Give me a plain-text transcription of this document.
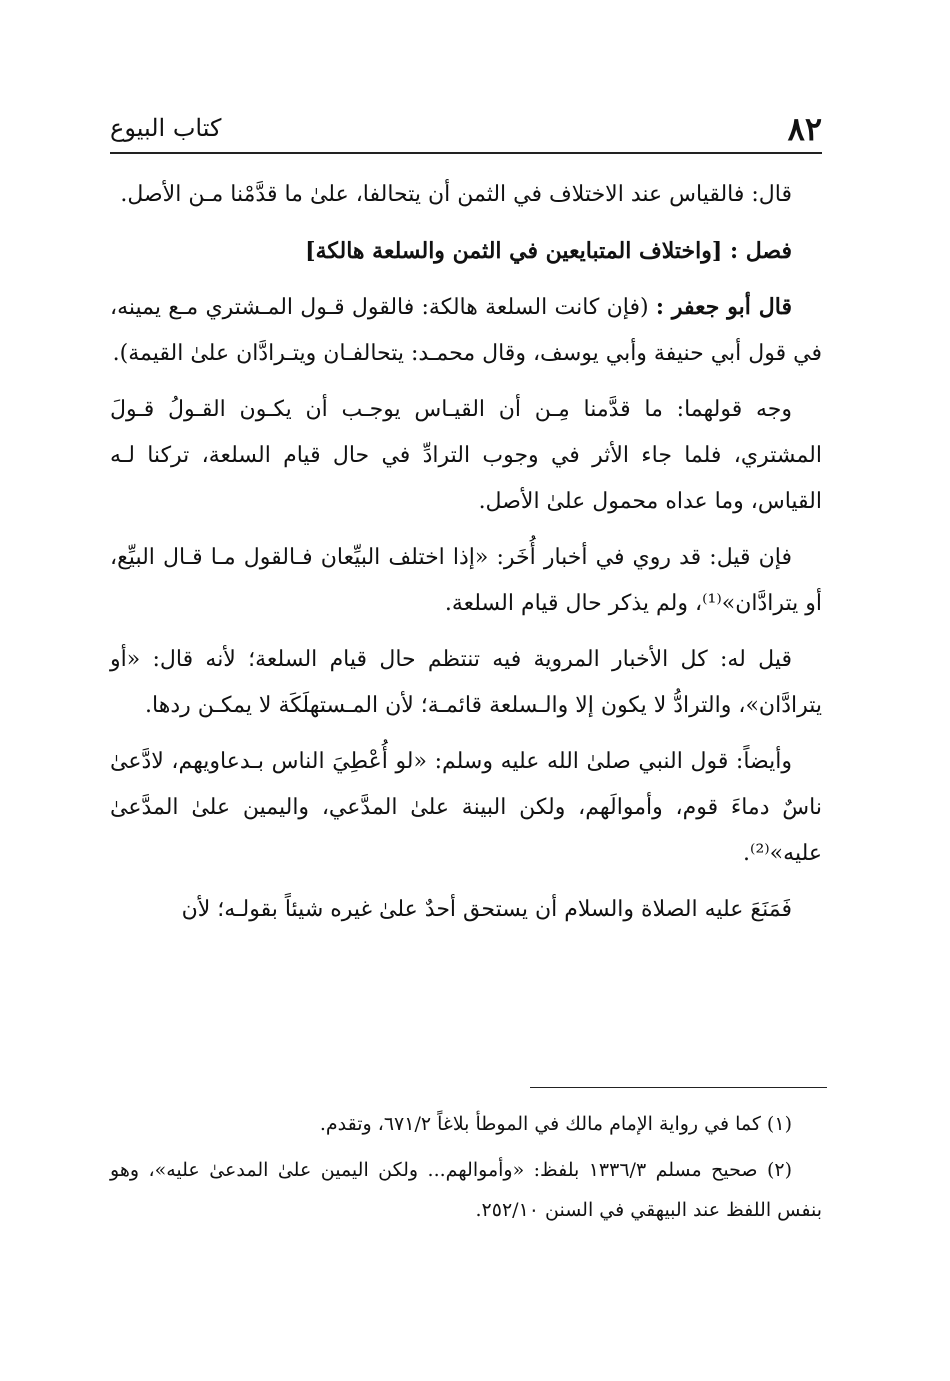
٨٢
كتاب البيوع

قال: فالقياس عند الاختلاف في الثمن أن يتحالفا، علىٰ ما قدَّمْنا مـن الأصل.

فصل : [واختلاف المتبايعين في الثمن والسلعة هالكة]

قال أبو جعفر : (فإن كانت السلعة هالكة: فالقول قـول المـشتري مـع يمينه، في قول أبي حنيفة وأبي يوسف، وقال محمـد: يتحالفـان ويتـرادَّان علىٰ القيمة).

وجه قولهما: ما قدَّمنا مِـن أن القيـاس يوجـب أن يكـون القـولُ قـولَ المشتري، فلما جاء الأثر في وجوب الترادِّ في حال قيام السلعة، تركنا لـه القياس، وما عداه محمول علىٰ الأصل.

فإن قيل: قد روي في أخبار أُخَر: «إذا اختلف البيِّعان فـالقول مـا قـال البيِّع، أو يترادَّان»⁽¹⁾، ولم يذكر حال قيام السلعة.

قيل له: كل الأخبار المروية فيه تنتظم حال قيام السلعة؛ لأنه قال: «أو يترادَّان»، والترادُّ لا يكون إلا والـسلعة قائمـة؛ لأن المـستهلَكَة لا يمكـن ردها.

وأيضاً: قول النبي صلىٰ الله عليه وسلم: «لو أُعْطِيَ الناس بـدعاويهم، لادَّعىٰ ناسٌ دماءَ قوم، وأموالَهم، ولكن البينة علىٰ المدَّعي، واليمين علىٰ المدَّعىٰ عليه»⁽²⁾.

فَمَنَعَ عليه الصلاة والسلام أن يستحق أحدٌ علىٰ غيره شيئاً بقولـه؛ لأن

(١) كما في رواية الإمام مالك في الموطأ بلاغاً ٦٧١/٢، وتقدم.

(٢) صحيح مسلم ١٣٣٦/٣ بلفظ: «وأموالهم... ولكن اليمين علىٰ المدعىٰ عليه»، وهو بنفس اللفظ عند البيهقي في السنن ٢٥٢/١٠.
